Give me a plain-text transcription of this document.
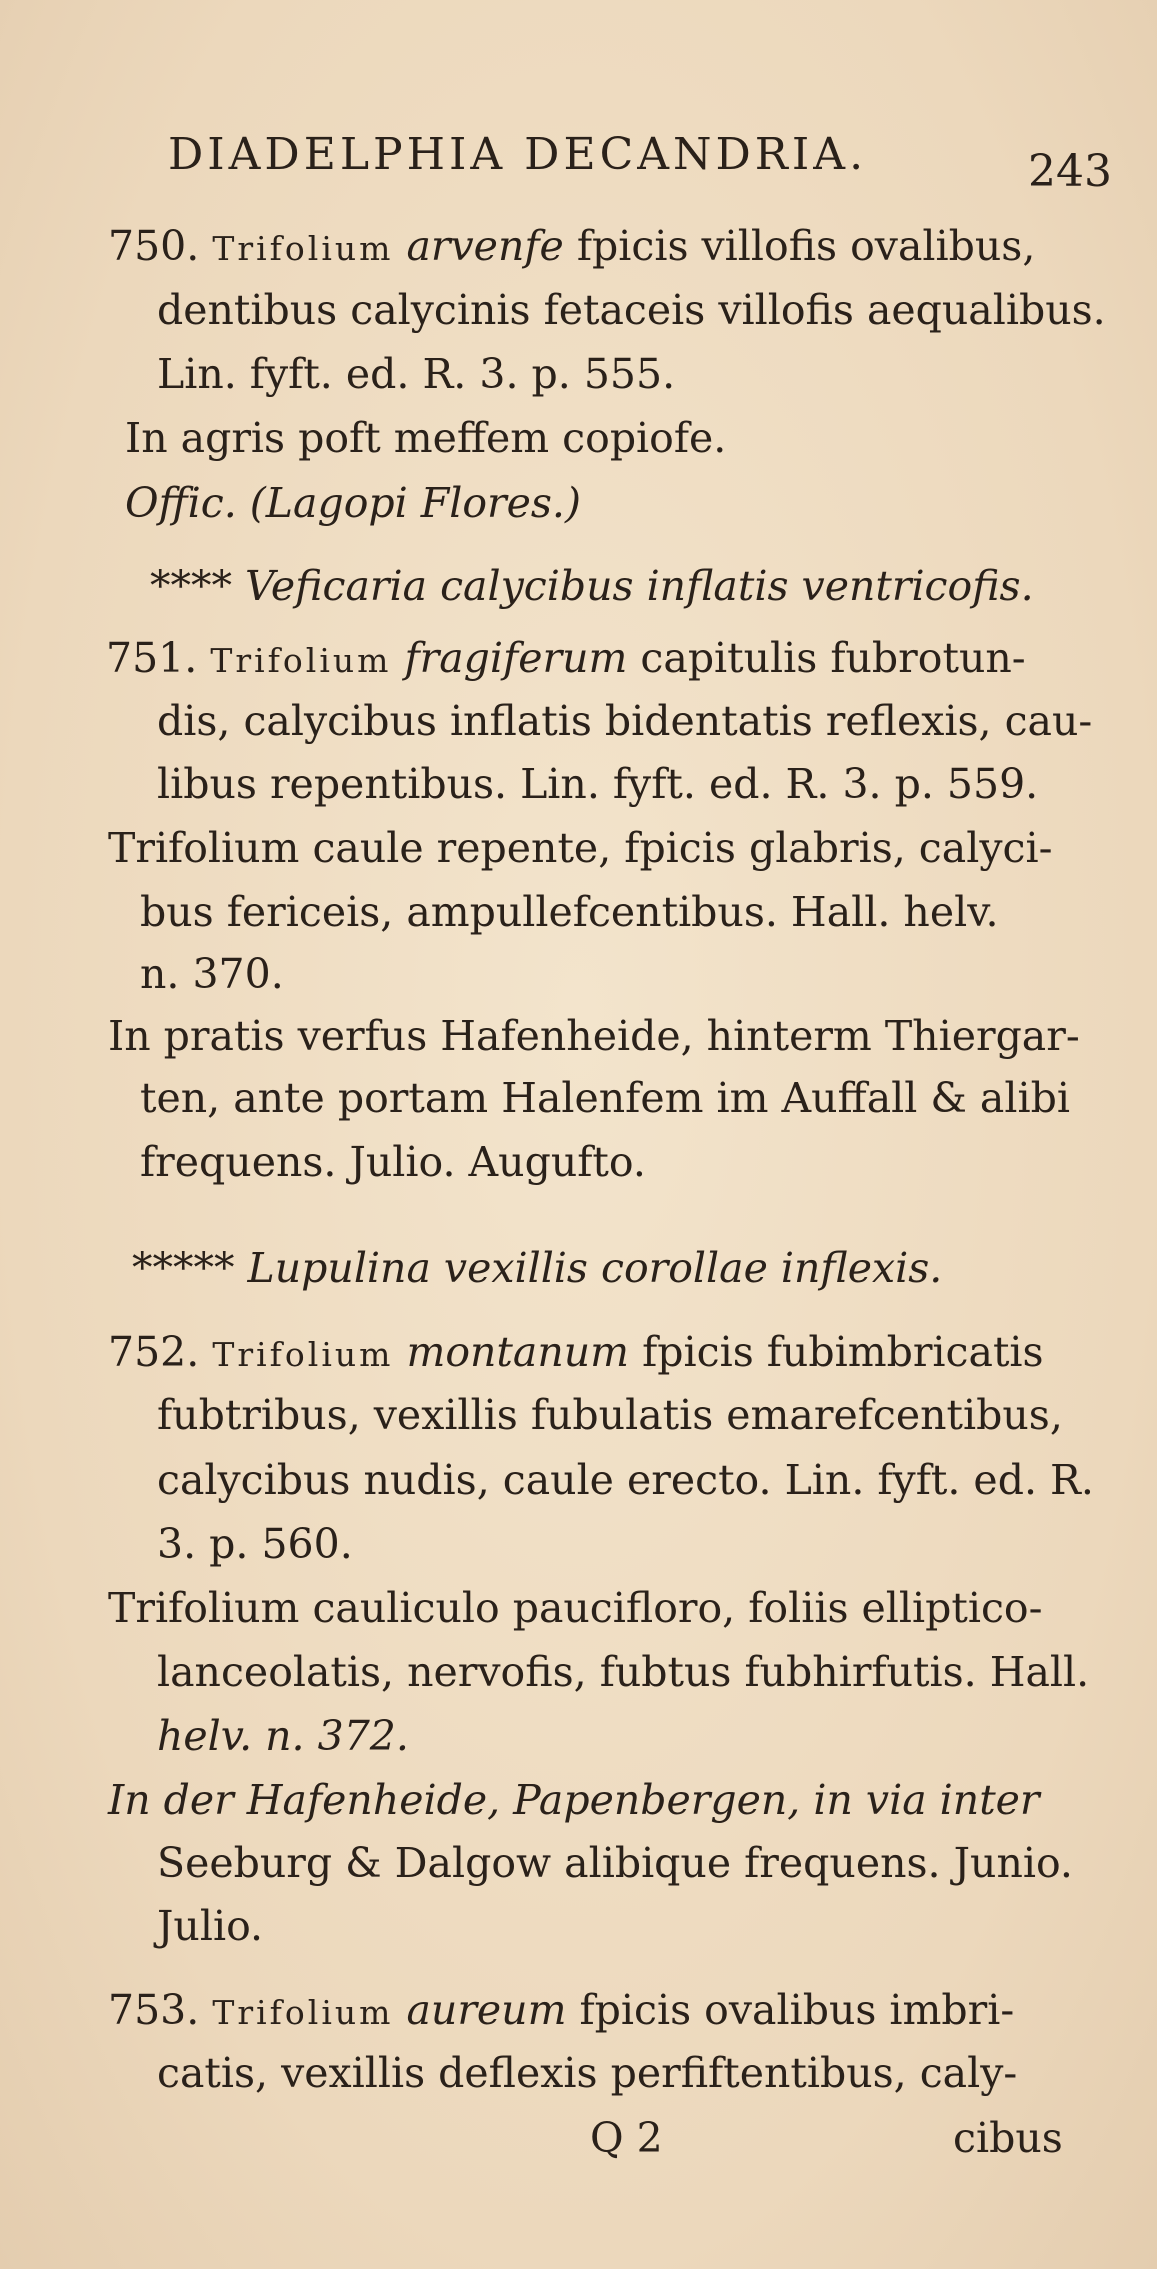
DIADELPHIA DECANDRIA.	243
750. Trifolium arvenfe fpicis villofis ovalibus,
dentibus calycinis fetaceis villofis aequalibus.
Lin. fyft. ed. R. 3. p. 555.
In agris poft meffem copiofe.
Offic. (Lagopi Flores.)
**** Veficaria calycibus inflatis ventricofis.
751. Trifolium fragiferum capitulis fubrotun-
dis, calycibus inflatis bidentatis reflexis, cau-
libus repentibus. Lin. fyft. ed. R. 3. p. 559.
Trifolium caule repente, fpicis glabris, calyci-
bus fericeis, ampullefcentibus. Hall. helv.
n. 370.
In pratis verfus Hafenheide, hinterm Thiergar-
ten, ante portam Halenfem im Auffall & alibi
frequens. Julio. Augufto.
***** Lupulina vexillis corollae inflexis.
752. Trifolium montanum fpicis fubimbricatis
fubtribus, vexillis fubulatis emarefcentibus,
calycibus nudis, caule erecto. Lin. fyft. ed. R.
3. p. 560.
Trifolium cauliculo paucifloro, foliis elliptico-
lanceolatis, nervofis, fubtus fubhirfutis. Hall.
helv. n. 372.
In der Hafenheide, Papenbergen, in via inter
Seeburg & Dalgow alibique frequens. Junio.
Julio.
753. Trifolium aureum fpicis ovalibus imbri-
catis, vexillis deflexis perfiftentibus, caly-
Q 2	cibus
